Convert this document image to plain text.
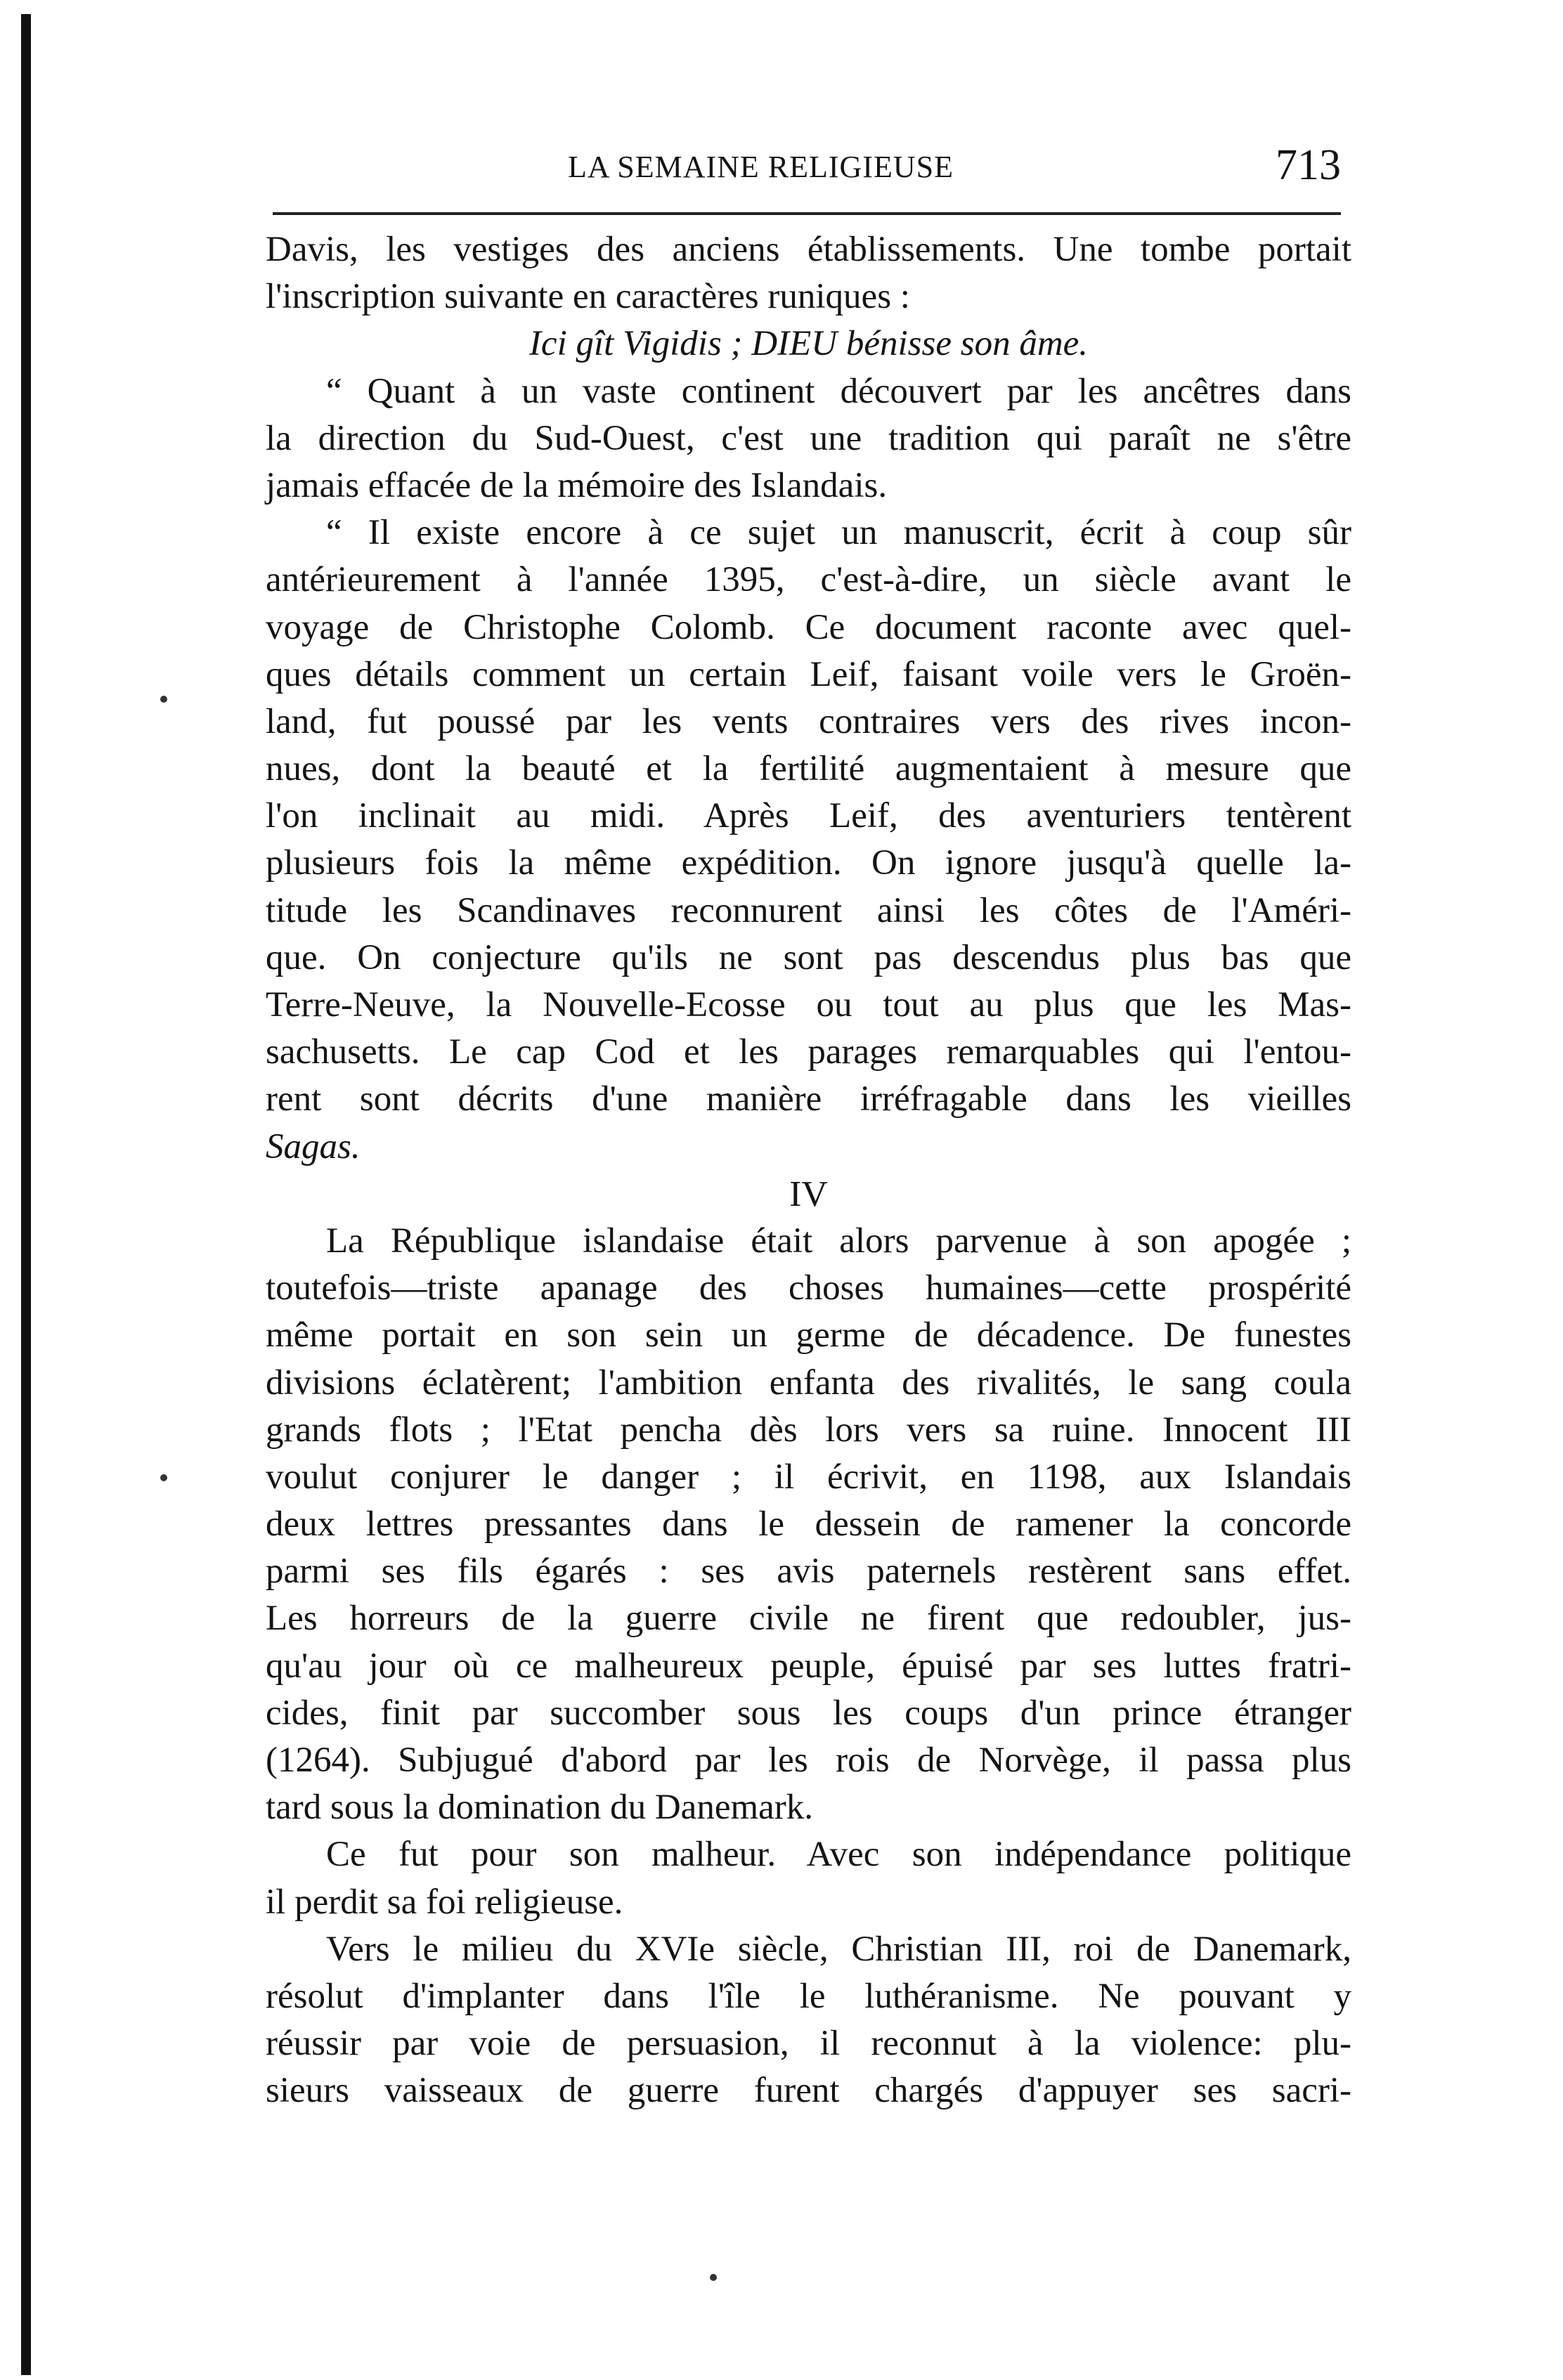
LA SEMAINE RELIGIEUSE	713
Davis, les vestiges des anciens établissements. Une tombe portait
l'inscription suivante en caractères runiques :
Ici gît Vigidis ; DIEU bénisse son âme.
“ Quant à un vaste continent découvert par les ancêtres dans
la direction du Sud-Ouest, c'est une tradition qui paraît ne s'être
jamais effacée de la mémoire des Islandais.
“ Il existe encore à ce sujet un manuscrit, écrit à coup sûr
antérieurement à l'année 1395, c'est-à-dire, un siècle avant le
voyage de Christophe Colomb. Ce document raconte avec quel-
ques détails comment un certain Leif, faisant voile vers le Groën-
land, fut poussé par les vents contraires vers des rives incon-
nues, dont la beauté et la fertilité augmentaient à mesure que
l'on inclinait au midi. Après Leif, des aventuriers tentèrent
plusieurs fois la même expédition. On ignore jusqu'à quelle la-
titude les Scandinaves reconnurent ainsi les côtes de l'Améri-
que. On conjecture qu'ils ne sont pas descendus plus bas que
Terre-Neuve, la Nouvelle-Ecosse ou tout au plus que les Mas-
sachusetts. Le cap Cod et les parages remarquables qui l'entou-
rent sont décrits d'une manière irréfragable dans les vieilles
Sagas.
IV
La République islandaise était alors parvenue à son apogée ;
toutefois—triste apanage des choses humaines—cette prospérité
même portait en son sein un germe de décadence. De funestes
divisions éclatèrent; l'ambition enfanta des rivalités, le sang coula
grands flots ; l'Etat pencha dès lors vers sa ruine. Innocent III
voulut conjurer le danger ; il écrivit, en 1198, aux Islandais
deux lettres pressantes dans le dessein de ramener la concorde
parmi ses fils égarés : ses avis paternels restèrent sans effet.
Les horreurs de la guerre civile ne firent que redoubler, jus-
qu'au jour où ce malheureux peuple, épuisé par ses luttes fratri-
cides, finit par succomber sous les coups d'un prince étranger
(1264). Subjugué d'abord par les rois de Norvège, il passa plus
tard sous la domination du Danemark.
Ce fut pour son malheur. Avec son indépendance politique
il perdit sa foi religieuse.
Vers le milieu du XVIe siècle, Christian III, roi de Danemark,
résolut d'implanter dans l'île le luthéranisme. Ne pouvant y
réussir par voie de persuasion, il reconnut à la violence: plu-
sieurs vaisseaux de guerre furent chargés d'appuyer ses sacri-
